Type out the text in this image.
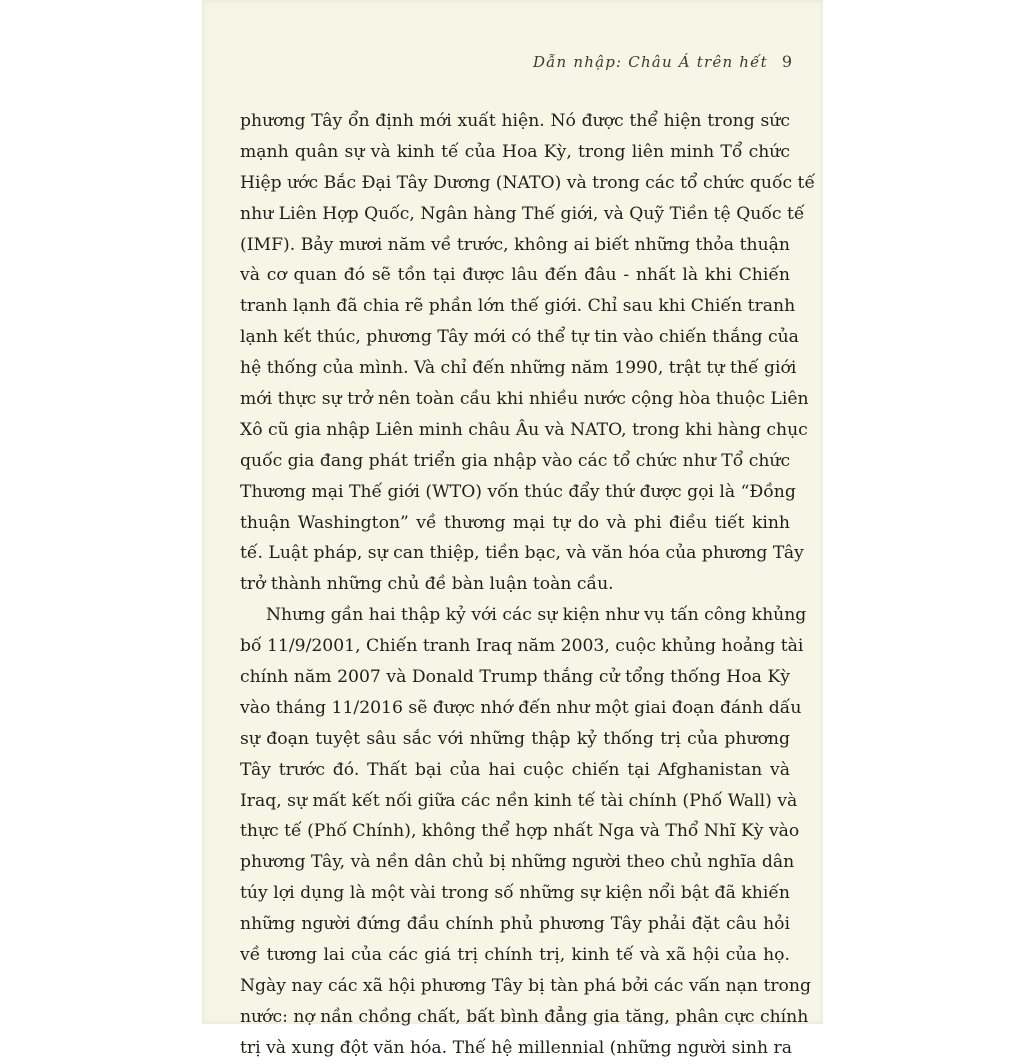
Dẫn nhập: Châu Á trên hết 9
phương Tây ổn định mới xuất hiện. Nó được thể hiện trong sức
mạnh quân sự và kinh tế của Hoa Kỳ, trong liên minh Tổ chức
Hiệp ước Bắc Đại Tây Dương (NATO) và trong các tổ chức quốc tế
như Liên Hợp Quốc, Ngân hàng Thế giới, và Quỹ Tiền tệ Quốc tế
(IMF). Bảy mươi năm về trước, không ai biết những thỏa thuận
và cơ quan đó sẽ tồn tại được lâu đến đâu - nhất là khi Chiến
tranh lạnh đã chia rẽ phần lớn thế giới. Chỉ sau khi Chiến tranh
lạnh kết thúc, phương Tây mới có thể tự tin vào chiến thắng của
hệ thống của mình. Và chỉ đến những năm 1990, trật tự thế giới
mới thực sự trở nên toàn cầu khi nhiều nước cộng hòa thuộc Liên
Xô cũ gia nhập Liên minh châu Âu và NATO, trong khi hàng chục
quốc gia đang phát triển gia nhập vào các tổ chức như Tổ chức
Thương mại Thế giới (WTO) vốn thúc đẩy thứ được gọi là “Đồng
thuận Washington” về thương mại tự do và phi điều tiết kinh
tế. Luật pháp, sự can thiệp, tiền bạc, và văn hóa của phương Tây
trở thành những chủ đề bàn luận toàn cầu.
Nhưng gần hai thập kỷ với các sự kiện như vụ tấn công khủng
bố 11/9/2001, Chiến tranh Iraq năm 2003, cuộc khủng hoảng tài
chính năm 2007 và Donald Trump thắng cử tổng thống Hoa Kỳ
vào tháng 11/2016 sẽ được nhớ đến như một giai đoạn đánh dấu
sự đoạn tuyệt sâu sắc với những thập kỷ thống trị của phương
Tây trước đó. Thất bại của hai cuộc chiến tại Afghanistan và
Iraq, sự mất kết nối giữa các nền kinh tế tài chính (Phố Wall) và
thực tế (Phố Chính), không thể hợp nhất Nga và Thổ Nhĩ Kỳ vào
phương Tây, và nền dân chủ bị những người theo chủ nghĩa dân
túy lợi dụng là một vài trong số những sự kiện nổi bật đã khiến
những người đứng đầu chính phủ phương Tây phải đặt câu hỏi
về tương lai của các giá trị chính trị, kinh tế và xã hội của họ.
Ngày nay các xã hội phương Tây bị tàn phá bởi các vấn nạn trong
nước: nợ nần chồng chất, bất bình đẳng gia tăng, phân cực chính
trị và xung đột văn hóa. Thế hệ millennial (những người sinh ra
